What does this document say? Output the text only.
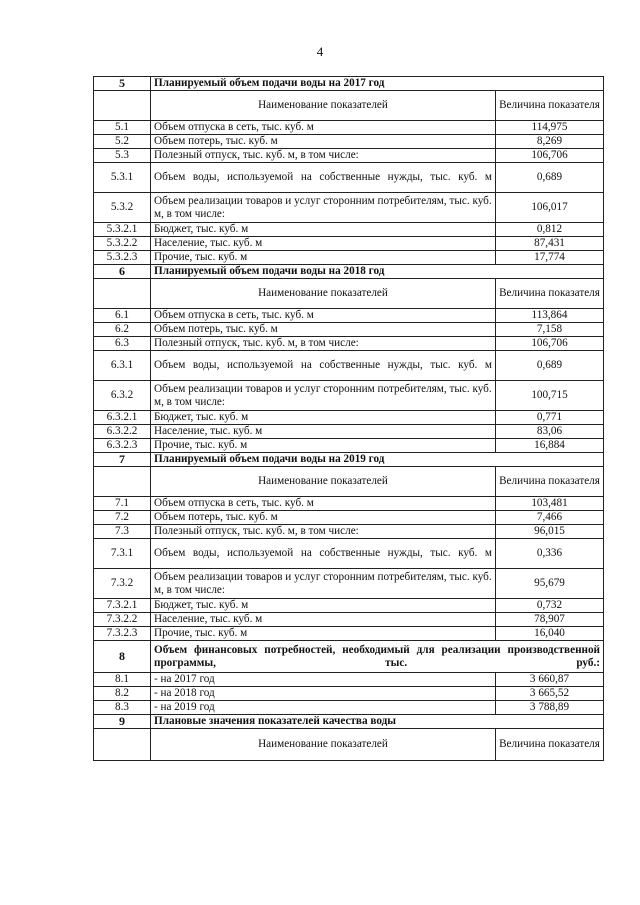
4
5	Планируемый объем подачи воды на 2017 год	
	Наименование показателей	Величина показателя
5.1	Объем отпуска в сеть, тыс. куб. м	114,975
5.2	Объем потерь, тыс. куб. м	8,269
5.3	Полезный отпуск, тыс. куб. м, в том числе:	106,706
5.3.1	Объем воды, используемой на собственные нужды, тыс. куб. м	0,689
5.3.2	Объем реализации товаров и услуг сторонним потребителям, тыс. куб. м, в том числе:	106,017
5.3.2.1	Бюджет, тыс. куб. м	0,812
5.3.2.2	Население, тыс. куб. м	87,431
5.3.2.3	Прочие, тыс. куб. м	17,774
6	Планируемый объем подачи воды на 2018 год	
	Наименование показателей	Величина показателя
6.1	Объем отпуска в сеть, тыс. куб. м	113,864
6.2	Объем потерь, тыс. куб. м	7,158
6.3	Полезный отпуск, тыс. куб. м, в том числе:	106,706
6.3.1	Объем воды, используемой на собственные нужды, тыс. куб. м	0,689
6.3.2	Объем реализации товаров и услуг сторонним потребителям, тыс. куб. м, в том числе:	100,715
6.3.2.1	Бюджет, тыс. куб. м	0,771
6.3.2.2	Население, тыс. куб. м	83,06
6.3.2.3	Прочие, тыс. куб. м	16,884
7	Планируемый объем подачи воды на 2019 год	
	Наименование показателей	Величина показателя
7.1	Объем отпуска в сеть, тыс. куб. м	103,481
7.2	Объем потерь, тыс. куб. м	7,466
7.3	Полезный отпуск, тыс. куб. м, в том числе:	96,015
7.3.1	Объем воды, используемой на собственные нужды, тыс. куб. м	0,336
7.3.2	Объем реализации товаров и услуг сторонним потребителям, тыс. куб. м, в том числе:	95,679
7.3.2.1	Бюджет, тыс. куб. м	0,732
7.3.2.2	Население, тыс. куб. м	78,907
7.3.2.3	Прочие, тыс. куб. м	16,040
8	Объем финансовых потребностей, необходимый для реализации производственной программы, тыс. руб.:	
8.1	- на 2017 год	3 660,87
8.2	- на 2018 год	3 665,52
8.3	- на 2019 год	3 788,89
9	Плановые значения показателей качества воды	
	Наименование показателей	Величина показателя
